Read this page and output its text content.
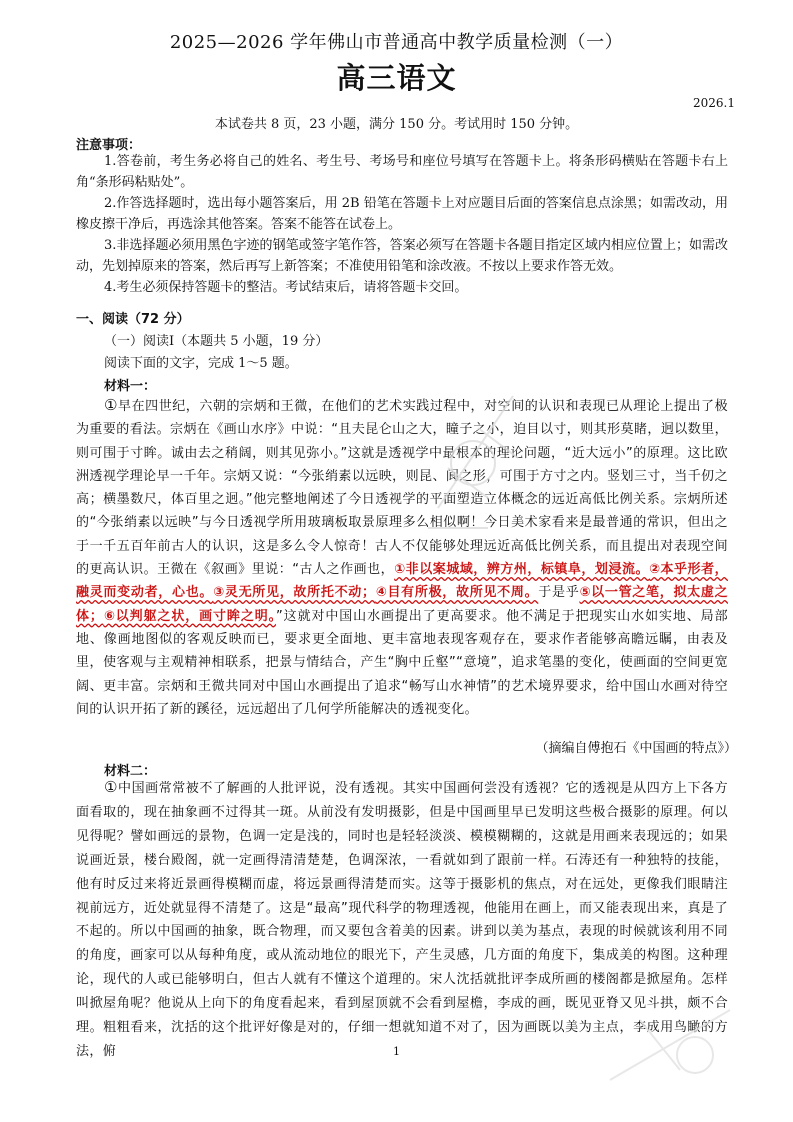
2025—2026 学年佛山市普通高中教学质量检测（一）
高三语文
2026.1
本试卷共 8 页，23 小题，满分 150 分。考试用时 150 分钟。
注意事项：
1.答卷前，考生务必将自己的姓名、考生号、考场号和座位号填写在答题卡上。将条形码横贴在答题卡右上角“条形码粘贴处”。
2.作答选择题时，选出每小题答案后，用 2B 铅笔在答题卡上对应题目后面的答案信息点涂黑；如需改动，用橡皮擦干净后，再选涂其他答案。答案不能答在试卷上。
3.非选择题必须用黑色字迹的钢笔或签字笔作答，答案必须写在答题卡各题目指定区域内相应位置上；如需改动，先划掉原来的答案，然后再写上新答案；不准使用铅笔和涂改液。不按以上要求作答无效。
4.考生必须保持答题卡的整洁。考试结束后，请将答题卡交回。
一、阅读（72 分）
（一）阅读Ⅰ（本题共 5 小题，19 分）
阅读下面的文字，完成 1～5 题。
材料一：

①早在四世纪，六朝的宗炳和王微，在他们的艺术实践过程中，对空间的认识和表现已从理论上提出了极为重要的看法。宗炳在《画山水序》中说：“且夫昆仑山之大，瞳子之小，迫目以寸，则其形莫睹，迥以数里，则可围于寸眸。诚由去之稍阔，则其见弥小。”这就是透视学中最根本的理论问题，“近大远小”的原理。这比欧洲透视学理论早一千年。宗炳又说：“今张绡素以远映，则昆、阆之形，可围于方寸之内。竖划三寸，当千仞之高；横墨数尺，体百里之迥。”他完整地阐述了今日透视学的平面塑造立体概念的远近高低比例关系。宗炳所述的“今张绡素以远映”与今日透视学所用玻璃板取景原理多么相似啊！今日美术家看来是最普通的常识，但出之于一千五百年前古人的认识，这是多么令人惊奇！古人不仅能够处理远近高低比例关系，而且提出对表现空间的更高认识。王微在《叙画》里说：“古人之作画也，①非以案城域，辨方州，标镇阜，划浸流。②本乎形者，融灵而变动者，心也。③灵无所见，故所托不动；④目有所极，故所见不周。于是乎⑤以一管之笔，拟太虚之体；⑥以判躯之状，画寸眸之明。”这就对中国山水画提出了更高要求。他不满足于把现实山水如实地、局部地、像画地图似的客观反映而已，要求更全面地、更丰富地表现客观存在，要求作者能够高瞻远瞩，由表及里，使客观与主观精神相联系，把景与情结合，产生“胸中丘壑”“意境”，追求笔墨的变化，使画面的空间更宽阔、更丰富。宗炳和王微共同对中国山水画提出了追求“畅写山水神情”的艺术境界要求，给中国山水画对待空间的认识开拓了新的蹊径，远远超出了几何学所能解决的透视变化。

（摘编自傅抱石《中国画的特点》）
材料二：

①中国画常常被不了解画的人批评说，没有透视。其实中国画何尝没有透视？它的透视是从四方上下各方面看取的，现在抽象画不过得其一斑。从前没有发明摄影，但是中国画里早已发明这些极合摄影的原理。何以见得呢？譬如画远的景物，色调一定是浅的，同时也是轻轻淡淡、模模糊糊的，这就是用画来表现远的；如果说画近景，楼台殿阁，就一定画得清清楚楚，色调深浓，一看就如到了跟前一样。石涛还有一种独特的技能，他有时反过来将近景画得模糊而虚，将远景画得清楚而实。这等于摄影机的焦点，对在远处，更像我们眼睛注视前远方，近处就显得不清楚了。这是“最高”现代科学的物理透视，他能用在画上，而又能表现出来，真是了不起的。所以中国画的抽象，既合物理，而又要包含着美的因素。讲到以美为基点，表现的时候就该利用不同的角度，画家可以从每种角度，或从流动地位的眼光下，产生灵感，几方面的角度下，集成美的构图。这种理论，现代的人或已能够明白，但古人就有不懂这个道理的。宋人沈括就批评李成所画的楼阁都是掀屋角。怎样叫掀屋角呢？他说从上向下的角度看起来，看到屋顶就不会看到屋檐，李成的画，既见亚脊又见斗拱，颇不合理。粗粗看来，沈括的这个批评好像是对的，仔细一想就知道不对了，因为画既以美为主点，李成用鸟瞰的方法，俯	1
